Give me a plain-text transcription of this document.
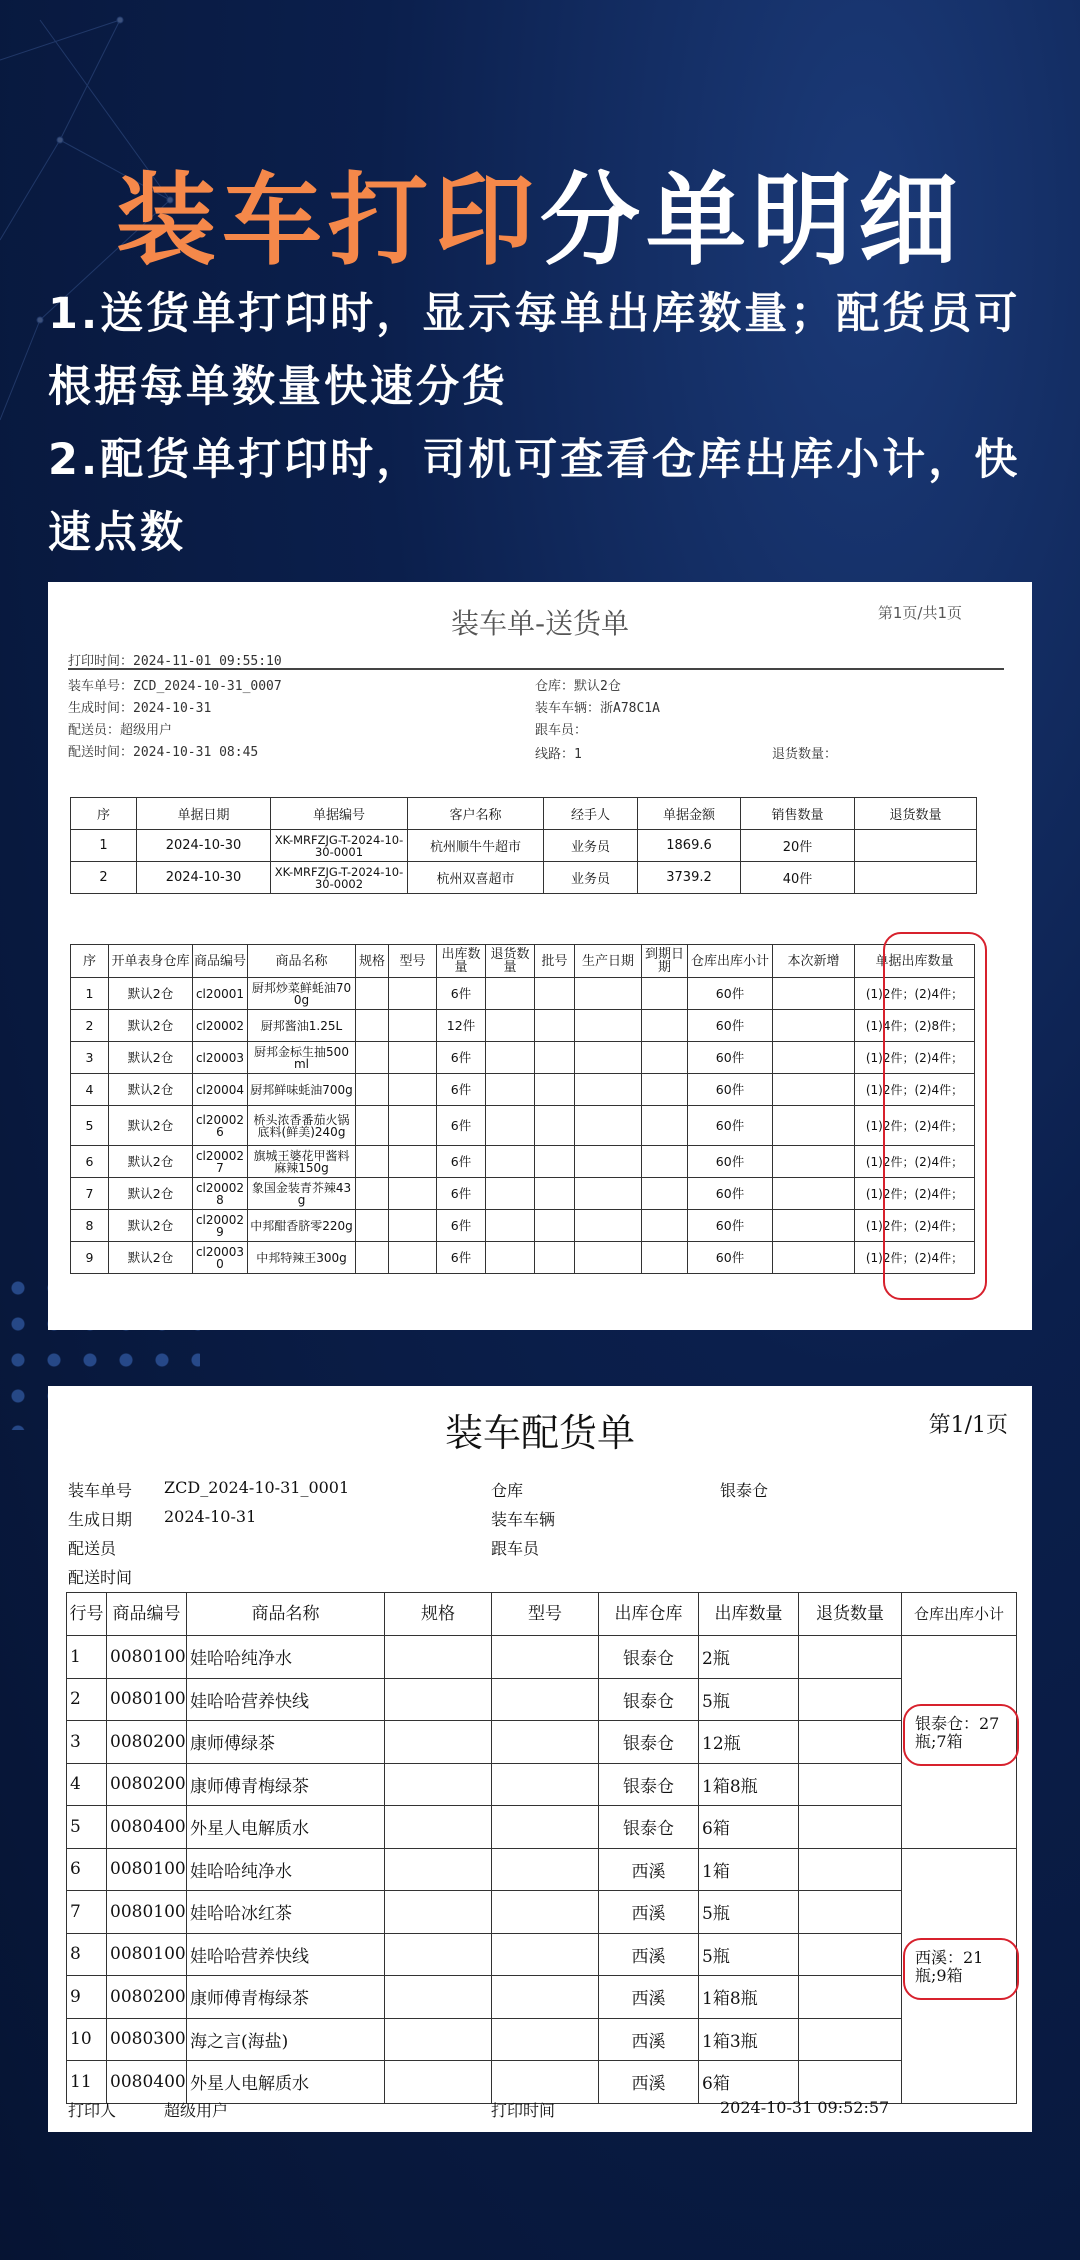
装车打印分单明细

1.送货单打印时，显示每单出库数量；配货员可根据每单数量快速分货

2.配货单打印时，司机可查看仓库出库小计，快速点数

装车单-送货单	第1页/共1页
打印时间：2024-11-01 09:55:10
装车单号：ZCD_2024-10-31_0007
生成时间：2024-10-31
配送员：超级用户
配送时间：2024-10-31 08:45
仓库：默认2仓
装车车辆：浙A78C1A
跟车员：
线路：1	退货数量：
序	单据日期	单据编号	客户名称	经手人	单据金额	销售数量	退货数量
1	2024-10-30	XK-MRFZJG-T-2024-10-30-0001	杭州顺牛牛超市	业务员	1869.6	20件	
2	2024-10-30	XK-MRFZJG-T-2024-10-30-0002	杭州双喜超市	业务员	3739.2	40件	
序	开单表身仓库	商品编号	商品名称	规格	型号	出库数量	退货数量	批号	生产日期	到期日期	仓库出库小计	本次新增	单据出库数量
1	默认2仓	cl20001	厨邦炒菜鲜蚝油700g			6件					60件		(1)2件；(2)4件；
2	默认2仓	cl20002	厨邦酱油1.25L			12件					60件		(1)4件；(2)8件；
3	默认2仓	cl20003	厨邦金标生抽500ml			6件					60件		(1)2件；(2)4件；
4	默认2仓	cl20004	厨邦鲜味蚝油700g			6件					60件		(1)2件；(2)4件；
5	默认2仓	cl200026	桥头浓香番茄火锅底料(鲜美)240g			6件					60件		(1)2件；(2)4件；
6	默认2仓	cl200027	旗城王婆花甲酱料麻辣150g			6件					60件		(1)2件；(2)4件；
7	默认2仓	cl200028	象国金装青芥辣43g			6件					60件		(1)2件；(2)4件；
8	默认2仓	cl200029	中邦酣香脐零220g			6件					60件		(1)2件；(2)4件；
9	默认2仓	cl200030	中邦特辣王300g			6件					60件		(1)2件；(2)4件；
装车配货单	第1/1页
装车单号 ZCD_2024-10-31_0001
生成日期 2024-10-31
配送员
配送时间
仓库	银泰仓
装车车辆
跟车员
行号	商品编号	商品名称	规格	型号	出库仓库	出库数量	退货数量	仓库出库小计
1	0080100	娃哈哈纯净水			银泰仓	2瓶		
2	0080100	娃哈哈营养快线			银泰仓	5瓶		
3	0080200	康师傅绿茶			银泰仓	12瓶		
4	0080200	康师傅青梅绿茶			银泰仓	1箱8瓶		
5	0080400	外星人电解质水			银泰仓	6箱		
6	0080100	娃哈哈纯净水			西溪	1箱		
7	0080100	娃哈哈冰红茶			西溪	5瓶		
8	0080100	娃哈哈营养快线			西溪	5瓶		
9	0080200	康师傅青梅绿茶			西溪	1箱8瓶		
10	0080300	海之言(海盐)			西溪	1箱3瓶		
11	0080400	外星人电解质水			西溪	6箱		
银泰仓：27瓶;7箱
西溪：21瓶;9箱
打印人	超级用户	打印时间	2024-10-31 09:52:57
